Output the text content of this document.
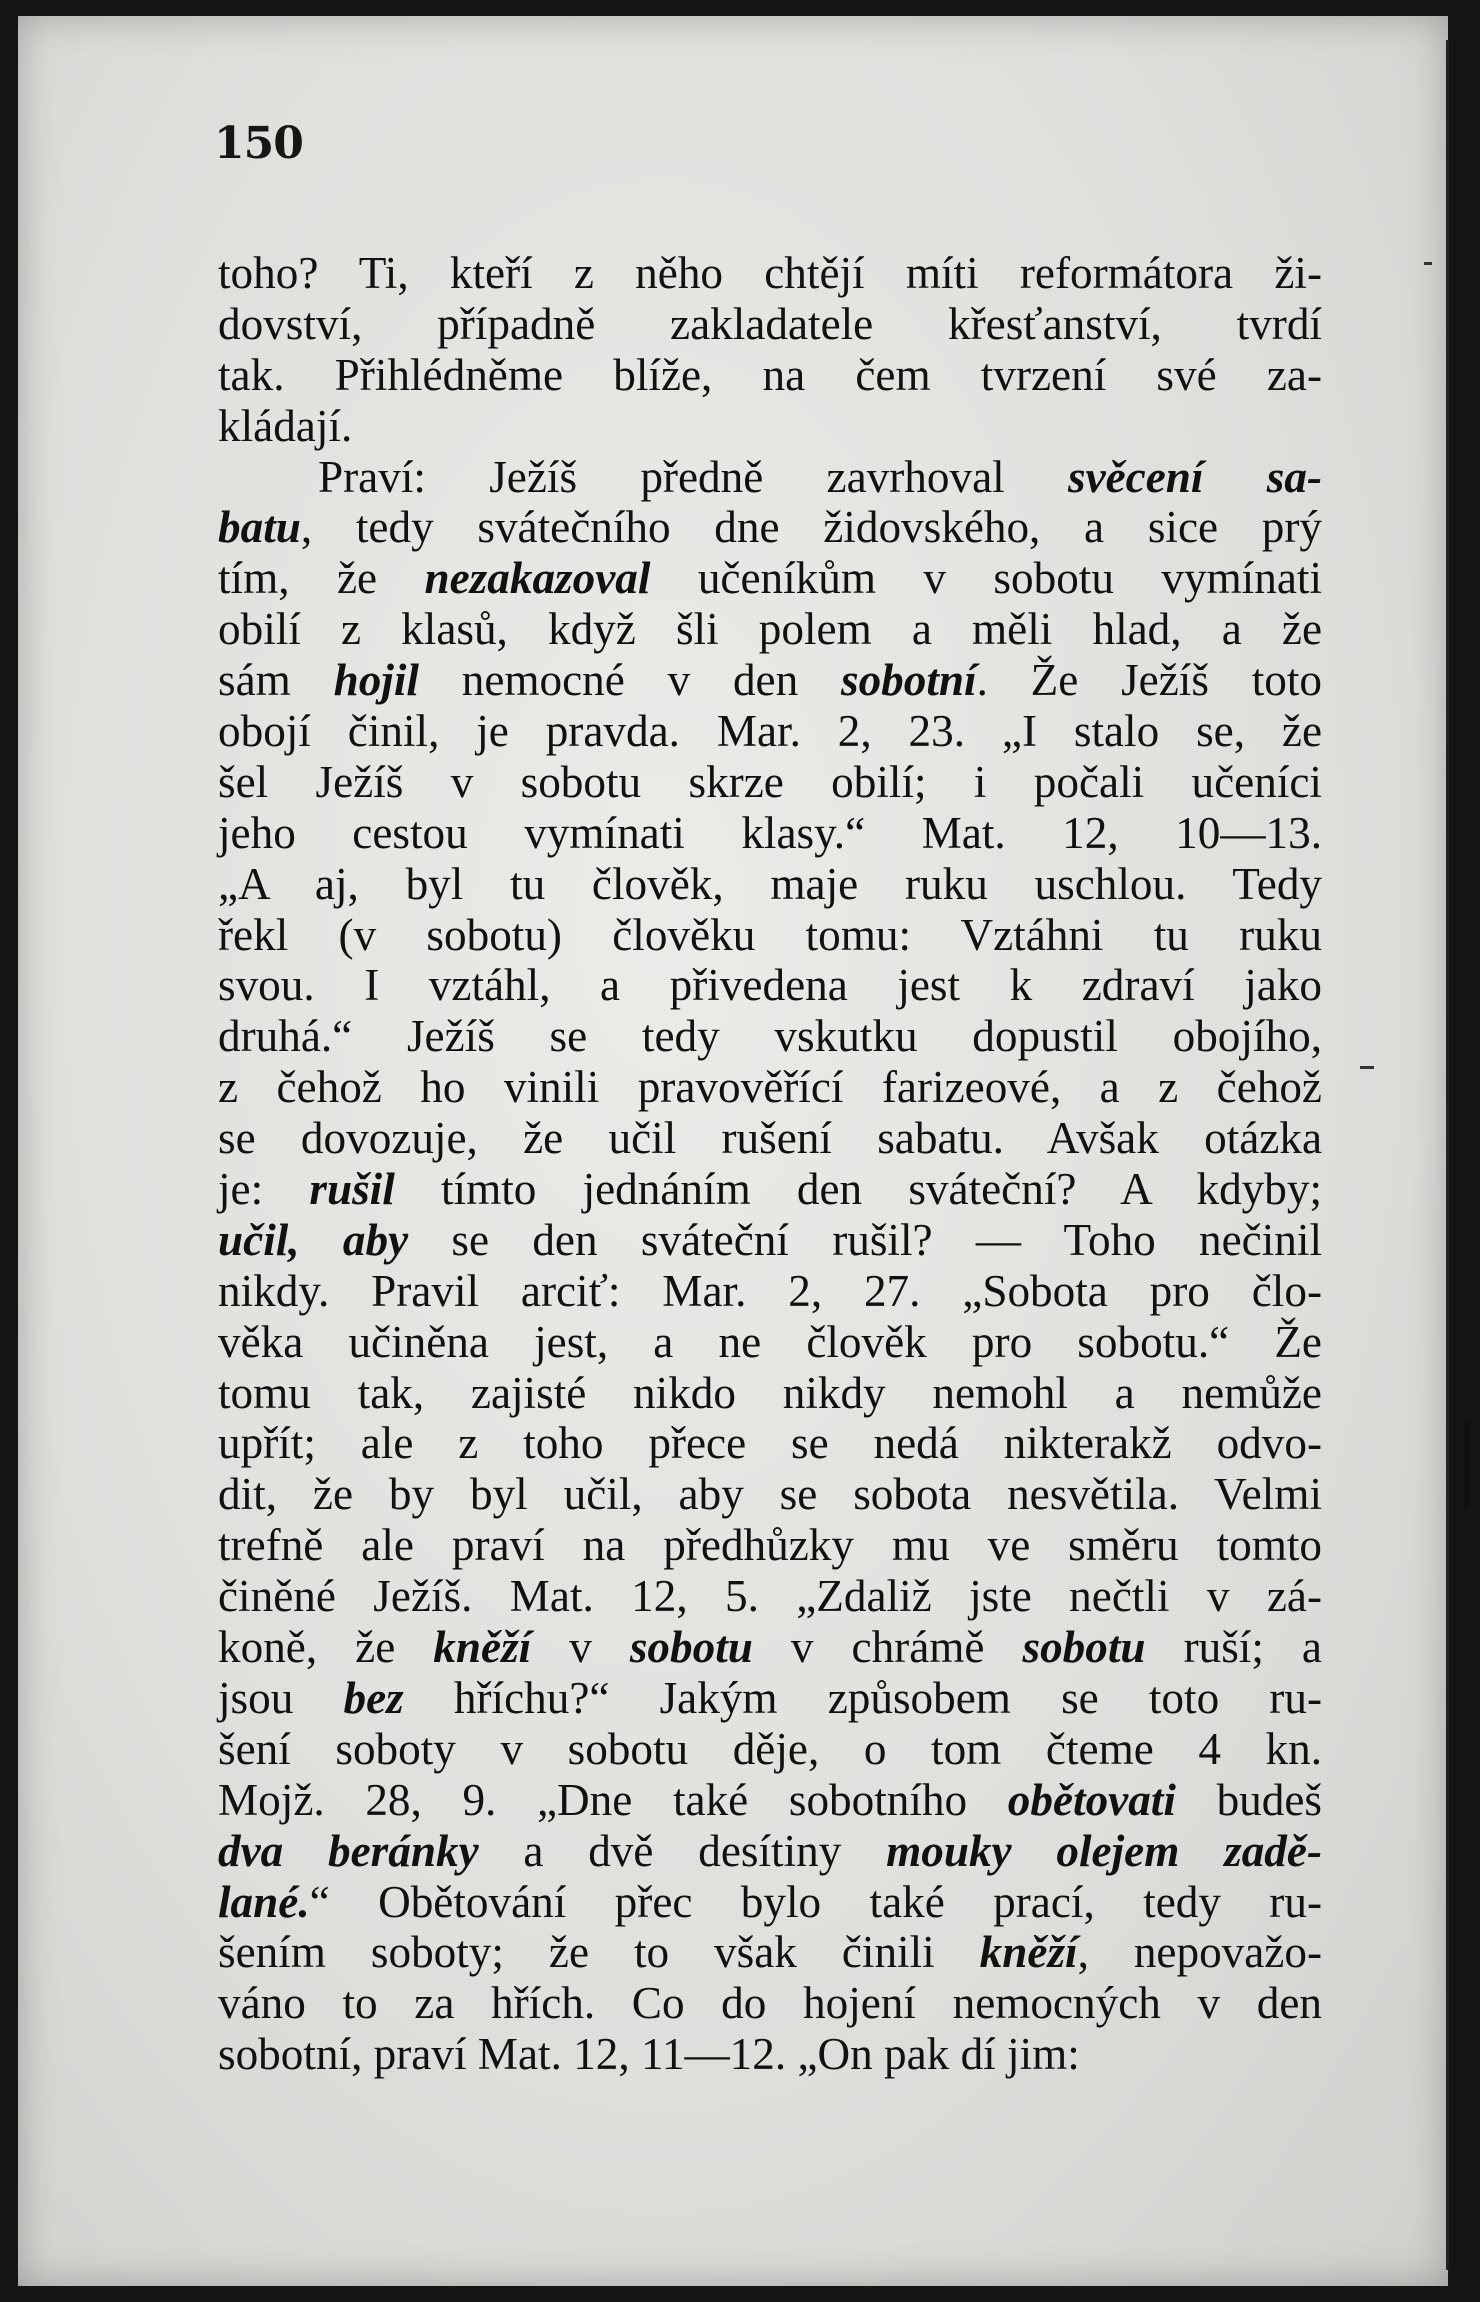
150
toho? Ti, kteří z něho chtějí míti reformátora ži-
dovství, případně zakladatele křesťanství, tvrdí
tak. Přihlédněme blíže, na čem tvrzení své za-
kládají.
Praví: Ježíš předně zavrhoval svěcení sa-
batu, tedy svátečního dne židovského, a sice prý
tím, že nezakazoval učeníkům v sobotu vymínati
obilí z klasů, když šli polem a měli hlad, a že
sám hojil nemocné v den sobotní. Že Ježíš toto
obojí činil, je pravda. Mar. 2, 23. „I stalo se, že
šel Ježíš v sobotu skrze obilí; i počali učeníci
jeho cestou vymínati klasy.“ Mat. 12, 10—13.
„A aj, byl tu člověk, maje ruku uschlou. Tedy
řekl (v sobotu) člověku tomu: Vztáhni tu ruku
svou. I vztáhl, a přivedena jest k zdraví jako
druhá.“ Ježíš se tedy vskutku dopustil obojího,
z čehož ho vinili pravověřící farizeové, a z čehož
se dovozuje, že učil rušení sabatu. Avšak otázka
je: rušil tímto jednáním den sváteční? A kdyby;
učil, aby se den sváteční rušil? — Toho nečinil
nikdy. Pravil arciť: Mar. 2, 27. „Sobota pro člo-
věka učiněna jest, a ne člověk pro sobotu.“ Že
tomu tak, zajisté nikdo nikdy nemohl a nemůže
upřít; ale z toho přece se nedá nikterakž odvo-
dit, že by byl učil, aby se sobota nesvětila. Velmi
trefně ale praví na předhůzky mu ve směru tomto
činěné Ježíš. Mat. 12, 5. „Zdaliž jste nečtli v zá-
koně, že kněží v sobotu v chrámě sobotu ruší; a
jsou bez hříchu?“ Jakým způsobem se toto ru-
šení soboty v sobotu děje, o tom čteme 4 kn.
Mojž. 28, 9. „Dne také sobotního obětovati budeš
dva beránky a dvě desítiny mouky olejem zadě-
lané.“ Obětování přec bylo také prací, tedy ru-
šením soboty; že to však činili kněží, nepovažo-
váno to za hřích. Co do hojení nemocných v den
sobotní, praví Mat. 12, 11—12. „On pak dí jim:
